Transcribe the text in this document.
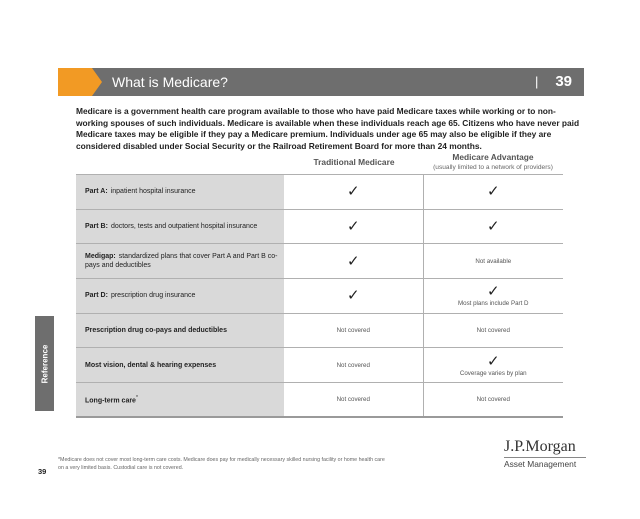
What is Medicare?	| 39
Medicare is a government health care program available to those who have paid Medicare taxes while working or to non-working spouses of such individuals. Medicare is available when these individuals reach age 65. Citizens who have never paid Medicare taxes may be eligible if they pay a Medicare premium. Individuals under age 65 may also be eligible if they are considered disabled under Social Security or the Railroad Retirement Board for more than 24 months.
Traditional Medicare	Medicare Advantage
(usually limited to a network of providers)
Part A: inpatient hospital insurance	✓	✓

Part B: doctors, tests and outpatient hospital insurance	✓	✓

Medigap: standardized plans that cover Part A and Part B co-pays and deductibles	✓	Not available
Part D: prescription drug insurance	✓	✓
Most plans include Part D

Prescription drug co-pays and deductibles	Not covered	Not covered
Most vision, dental & hearing expenses	Not covered	✓
Coverage varies by plan

Long-term care*	Not covered	Not covered
Reference
*Medicare does not cover most long-term care costs. Medicare does pay for medically necessary skilled nursing facility or home health care on a very limited basis. Custodial care is not covered.
39
J.P.Morgan
Asset Management
